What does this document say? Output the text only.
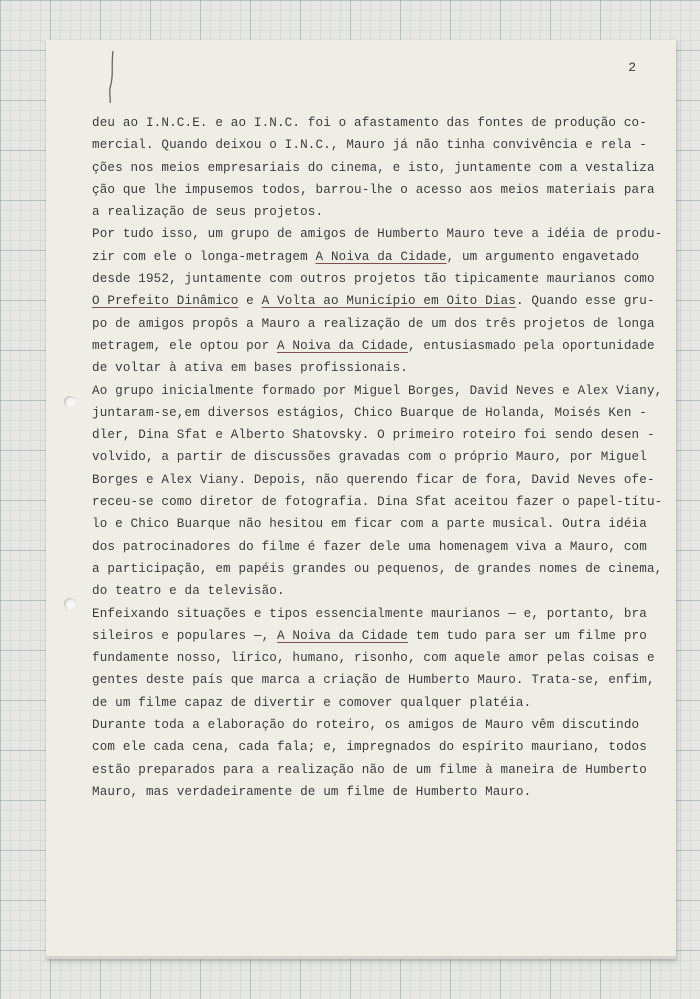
2
deu ao I.N.C.E. e ao I.N.C. foi o afastamento das fontes de produção co-
mercial. Quando deixou o I.N.C., Mauro já não tinha convivência e rela -
ções nos meios empresariais do cinema, e isto, juntamente com a vestaliza
ção que lhe impusemos todos, barrou-lhe o acesso aos meios materiais para
a realização de seus projetos.
Por tudo isso, um grupo de amigos de Humberto Mauro teve a idéia de produ-
zir com ele o longa-metragem A Noiva da Cidade, um argumento engavetado
desde 1952, juntamente com outros projetos tão tipicamente maurianos como
O Prefeito Dinâmico e A Volta ao Município em Oito Dias. Quando esse gru-
po de amigos propôs a Mauro a realização de um dos três projetos de longa
metragem, ele optou por A Noiva da Cidade, entusiasmado pela oportunidade
de voltar à ativa em bases profissionais.
Ao grupo inicialmente formado por Miguel Borges, David Neves e Alex Viany,
juntaram-se,em diversos estágios, Chico Buarque de Holanda, Moisés Ken -
dler, Dina Sfat e Alberto Shatovsky. O primeiro roteiro foi sendo desen -
volvido, a partir de discussões gravadas com o próprio Mauro, por Miguel
Borges e Alex Viany. Depois, não querendo ficar de fora, David Neves ofe-
receu-se como diretor de fotografia. Dina Sfat aceitou fazer o papel-títu-
lo e Chico Buarque não hesitou em ficar com a parte musical. Outra idéia
dos patrocinadores do filme é fazer dele uma homenagem viva a Mauro, com
a participação, em papéis grandes ou pequenos, de grandes nomes de cinema,
do teatro e da televisão.
Enfeixando situações e tipos essencialmente maurianos — e, portanto, bra
sileiros e populares —, A Noiva da Cidade tem tudo para ser um filme pro
fundamente nosso, lírico, humano, risonho, com aquele amor pelas coisas e
gentes deste país que marca a criação de Humberto Mauro. Trata-se, enfim,
de um filme capaz de divertir e comover qualquer platéia.
Durante toda a elaboração do roteiro, os amigos de Mauro vêm discutindo
com ele cada cena, cada fala; e, impregnados do espírito mauriano, todos
estão preparados para a realização não de um filme à maneira de Humberto
Mauro, mas verdadeiramente de um filme de Humberto Mauro.
